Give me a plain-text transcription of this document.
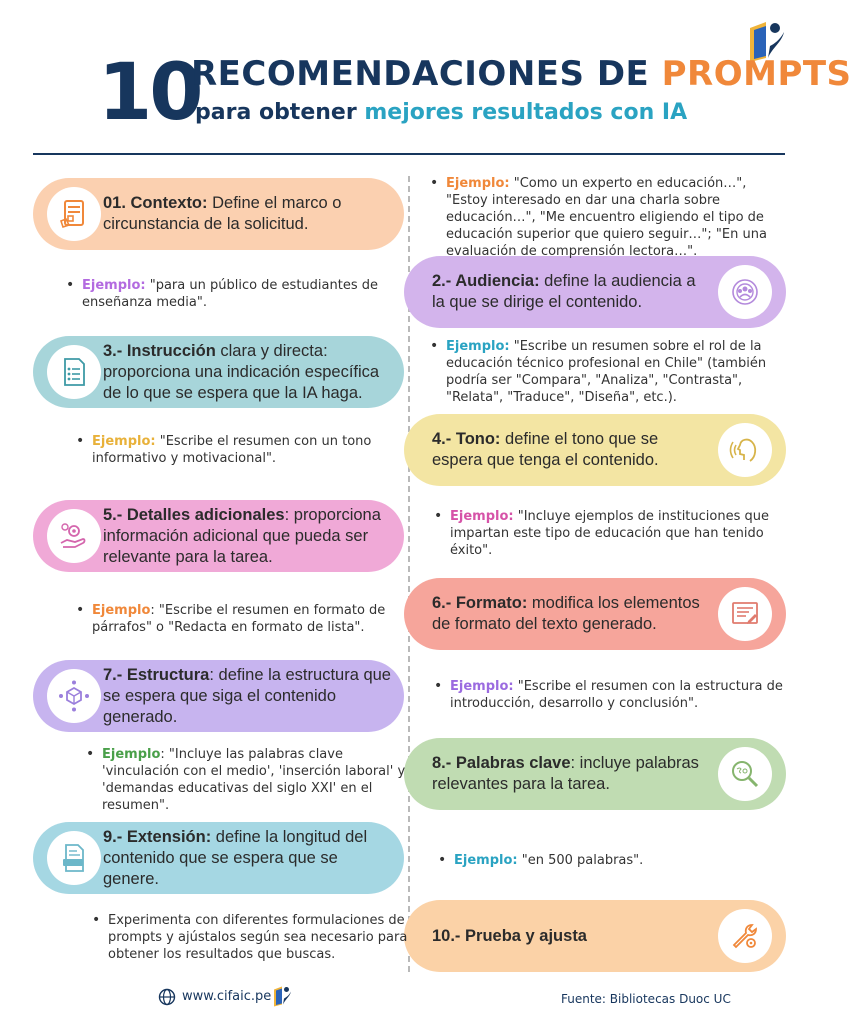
10
RECOMENDACIONES DE PROMPTS
para obtener mejores resultados con IA
01. Contexto: Define el marco o circunstancia de la solicitud.
2.- Audiencia: define la audiencia a la que se dirige el contenido.
3.- Instrucción clara y directa: proporciona una indicación específica de lo que se espera que la IA haga.
4.- Tono: define el tono que se espera que tenga el contenido.
5.- Detalles adicionales: proporciona información adicional que pueda ser relevante para la tarea.
6.- Formato: modifica los elementos de formato del texto generado.
7.- Estructura: define la estructura que se espera que siga el contenido generado.
8.- Palabras clave: incluye palabras relevantes para la tarea.
9.- Extensión: define la longitud del contenido que se espera que se genere.
10.- Prueba y ajusta
• Ejemplo: "Como un experto en educación…", "Estoy interesado en dar una charla sobre educación…", "Me encuentro eligiendo el tipo de educación superior que quiero seguir…"; "En una evaluación de comprensión lectora…".
• Ejemplo: "para un público de estudiantes de enseñanza media".
• Ejemplo: "Escribe un resumen sobre el rol de la educación técnico profesional en Chile" (también podría ser "Compara", "Analiza", "Contrasta", "Relata", "Traduce", "Diseña", etc.).
• Ejemplo: "Escribe el resumen con un tono informativo y motivacional".
• Ejemplo: "Incluye ejemplos de instituciones que impartan este tipo de educación que han tenido éxito".
• Ejemplo: "Escribe el resumen en formato de párrafos" o "Redacta en formato de lista".
• Ejemplo: "Escribe el resumen con la estructura de introducción, desarrollo y conclusión".
• Ejemplo: "Incluye las palabras clave 'vinculación con el medio', 'inserción laboral' y 'demandas educativas del siglo XXI' en el resumen".
• Ejemplo: "en 500 palabras".
• Experimenta con diferentes formulaciones de prompts y ajústalos según sea necesario para obtener los resultados que buscas.
www.cifaic.pe	Fuente: Bibliotecas Duoc UC
